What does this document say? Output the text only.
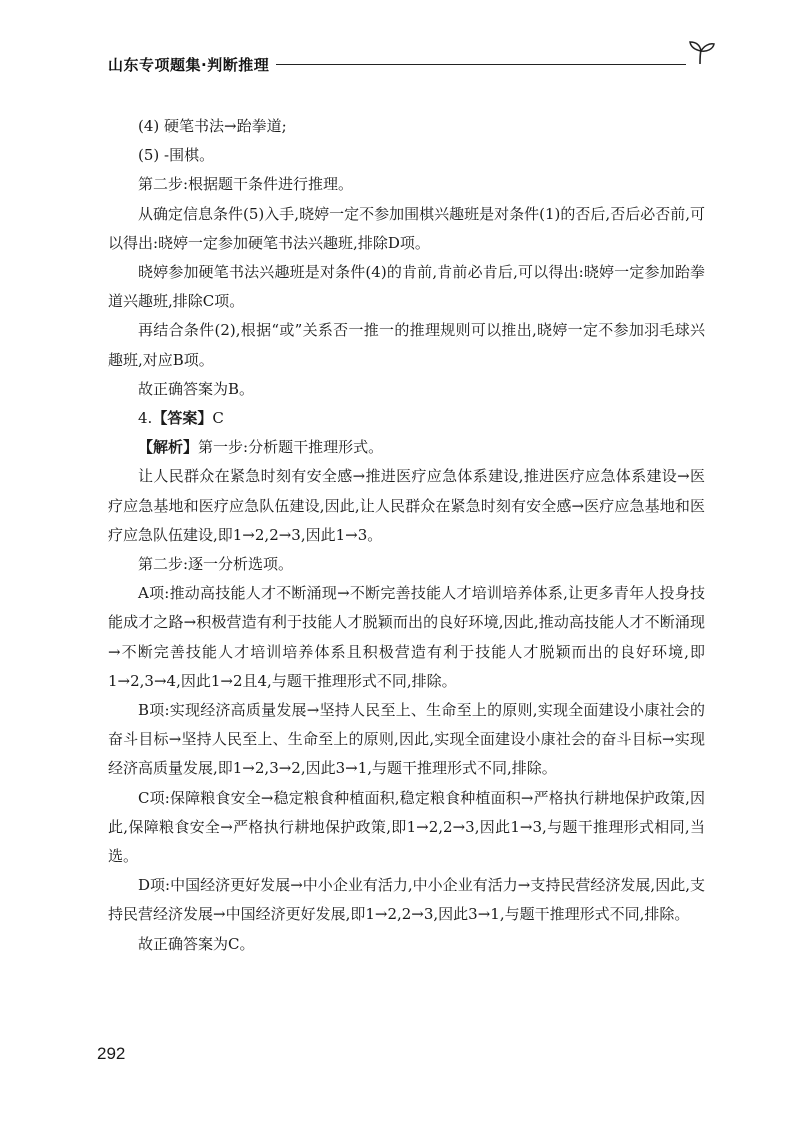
山东专项题集·判断推理

(4) 硬笔书法→跆拳道;

(5) -围棋。

第二步:根据题干条件进行推理。

从确定信息条件(5)入手,晓婷一定不参加围棋兴趣班是对条件(1)的否后,否后必否前,可以得出:晓婷一定参加硬笔书法兴趣班,排除D项。

晓婷参加硬笔书法兴趣班是对条件(4)的肯前,肯前必肯后,可以得出:晓婷一定参加跆拳道兴趣班,排除C项。

再结合条件(2),根据“或”关系否一推一的推理规则可以推出,晓婷一定不参加羽毛球兴趣班,对应B项。

故正确答案为B。

4.【答案】C

【解析】第一步:分析题干推理形式。

让人民群众在紧急时刻有安全感→推进医疗应急体系建设,推进医疗应急体系建设→医疗应急基地和医疗应急队伍建设,因此,让人民群众在紧急时刻有安全感→医疗应急基地和医疗应急队伍建设,即1→2,2→3,因此1→3。

第二步:逐一分析选项。

A项:推动高技能人才不断涌现→不断完善技能人才培训培养体系,让更多青年人投身技能成才之路→积极营造有利于技能人才脱颖而出的良好环境,因此,推动高技能人才不断涌现→不断完善技能人才培训培养体系且积极营造有利于技能人才脱颖而出的良好环境,即1→2,3→4,因此1→2且4,与题干推理形式不同,排除。

B项:实现经济高质量发展→坚持人民至上、生命至上的原则,实现全面建设小康社会的奋斗目标→坚持人民至上、生命至上的原则,因此,实现全面建设小康社会的奋斗目标→实现经济高质量发展,即1→2,3→2,因此3→1,与题干推理形式不同,排除。

C项:保障粮食安全→稳定粮食种植面积,稳定粮食种植面积→严格执行耕地保护政策,因此,保障粮食安全→严格执行耕地保护政策,即1→2,2→3,因此1→3,与题干推理形式相同,当选。

D项:中国经济更好发展→中小企业有活力,中小企业有活力→支持民营经济发展,因此,支持民营经济发展→中国经济更好发展,即1→2,2→3,因此3→1,与题干推理形式不同,排除。

故正确答案为C。

292
